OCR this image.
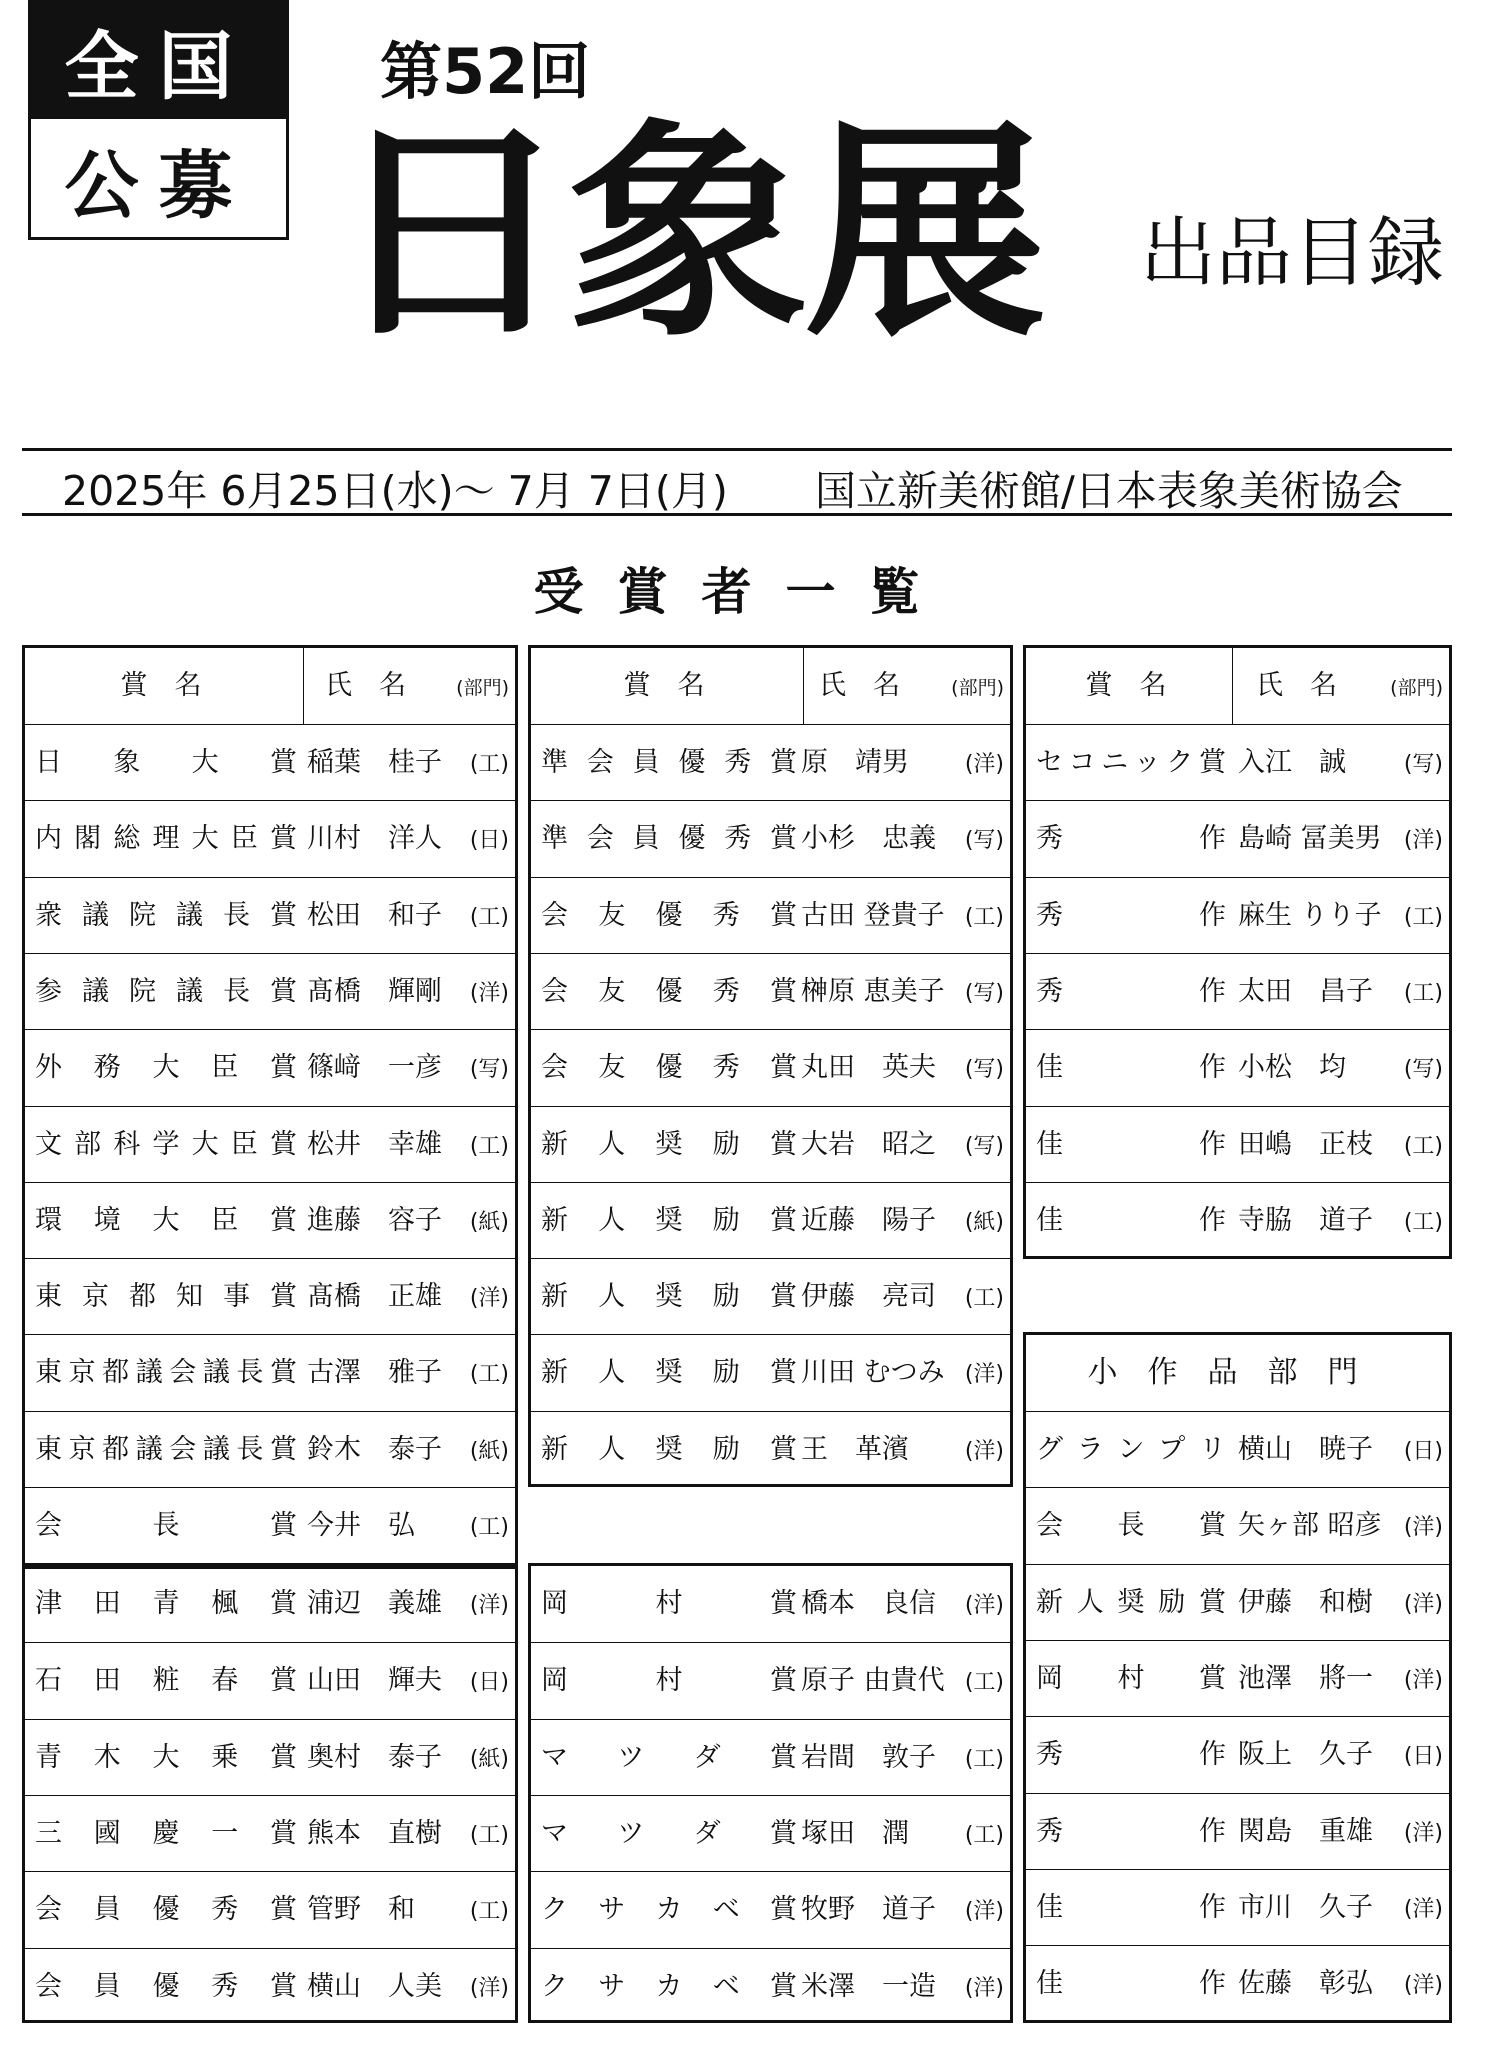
全国
公募
第52回
日象展 出品目録
2025年 6月25日(水)〜 7月 7日(月) 国立新美術館/日本表象美術協会
受賞者一覧
賞　名	氏　名	(部門)
日 象 大 賞 稲葉　桂子 (工)
内 閣 総 理 大 臣 賞 川村　洋人 (日)
衆 議 院 議 長 賞 松田　和子 (工)
参 議 院 議 長 賞 髙橋　輝剛 (洋)
外 務 大 臣 賞 篠﨑　一彦 (写)
文 部 科 学 大 臣 賞 松井　幸雄 (工)
環 境 大 臣 賞 進藤　容子 (紙)
東 京 都 知 事 賞 髙橋　正雄 (洋)
東 京 都 議 会 議 長 賞 古澤　雅子 (工)
東 京 都 議 会 議 長 賞 鈴木　泰子 (紙)
会	長	賞 今井　弘 (工)
津 田 青 楓 賞 浦辺　義雄 (洋)
石 田 粧 春 賞 山田　輝夫 (日)
青 木 大 乗 賞 奥村　泰子 (紙)
三 國 慶 一 賞 熊本　直樹 (工)
会 員 優 秀 賞 管野　和 (工)
会 員 優 秀 賞 横山　人美 (洋)
賞　名	氏　名	(部門)
準 会 員 優 秀 賞 原　靖男	(洋)
準 会 員 優 秀 賞 小杉　忠義 (写)
会 友 優 秀 賞 古田 登貴子 (工)
会 友 優 秀 賞 榊原 恵美子 (写)
会 友 優 秀 賞 丸田　英夫 (写)
新 人 奨 励 賞 大岩　昭之 (写)
新 人 奨 励 賞 近藤　陽子 (紙)
新 人 奨 励 賞 伊藤　亮司 (工)
新 人 奨 励 賞 川田 むつみ (洋)
新 人 奨 励 賞 王　革濱	(洋)
岡	村	賞 橋本　良信 (洋)
岡	村	賞 原子 由貴代 (工)
マ ツ ダ 賞 岩間　敦子 (工)
マ ツ ダ 賞 塚田　潤	(工)
ク サ カ ベ 賞 牧野　道子 (洋)
ク サ カ ベ 賞 米澤　一造 (洋)
賞　名	氏　名	(部門)
セ コ ニ ッ ク 賞 入江　誠	(写)
秀	作 島崎 冨美男 (洋)
秀	作 麻生 りり子 (工)
秀	作 太田　昌子 (工)
佳	作 小松　均	(写)
佳	作 田嶋　正枝 (工)
佳	作 寺脇　道子 (工)
小作品部門
グ ラ ン プ リ 横山　暁子 (日)
会 長 賞 矢ヶ部 昭彦 (洋)
新 人 奨 励 賞 伊藤　和樹 (洋)
岡 村 賞 池澤　將一 (洋)
秀	作 阪上　久子 (日)
秀	作 関島　重雄 (洋)
佳	作 市川　久子 (洋)
佳	作 佐藤　彰弘 (洋)
